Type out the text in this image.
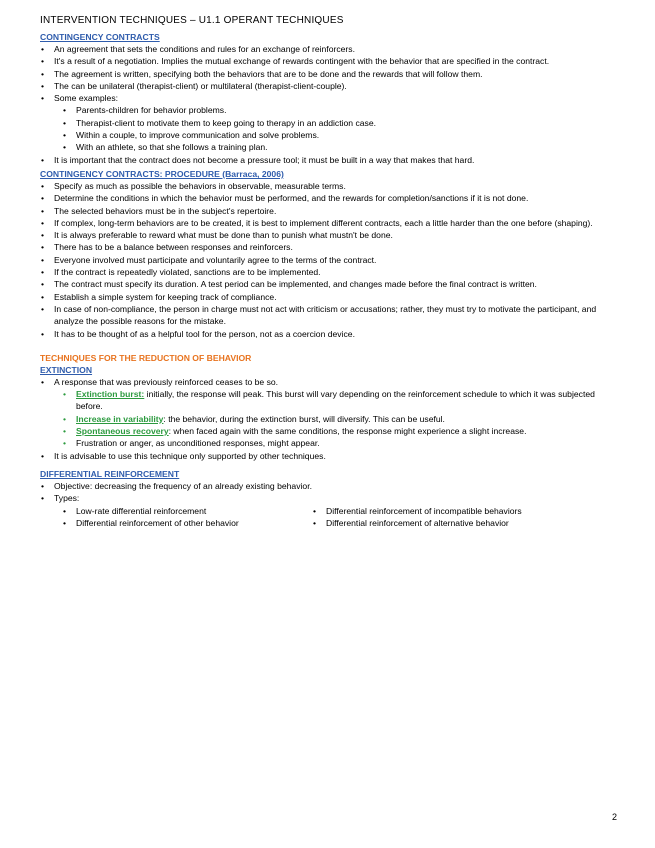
INTERVENTION TECHNIQUES – U1.1 OPERANT TECHNIQUES
CONTINGENCY CONTRACTS
• An agreement that sets the conditions and rules for an exchange of reinforcers.
• It's a result of a negotiation. Implies the mutual exchange of rewards contingent with the behavior that are specified in the contract.
• The agreement is written, specifying both the behaviors that are to be done and the rewards that will follow them.
• The can be unilateral (therapist-client) or multilateral (therapist-client-couple).
• Some examples:
• Parents-children for behavior problems.
• Therapist-client to motivate them to keep going to therapy in an addiction case.
• Within a couple, to improve communication and solve problems.
• With an athlete, so that she follows a training plan.
• It is important that the contract does not become a pressure tool; it must be built in a way that makes that hard.
CONTINGENCY CONTRACTS: PROCEDURE (Barraca, 2006)
• Specify as much as possible the behaviors in observable, measurable terms.
• Determine the conditions in which the behavior must be performed, and the rewards for completion/sanctions if it is not done.
• The selected behaviors must be in the subject's repertoire.
• If complex, long-term behaviors are to be created, it is best to implement different contracts, each a little harder than the one before (shaping).
• It is always preferable to reward what must be done than to punish what mustn't be done.
• There has to be a balance between responses and reinforcers.
• Everyone involved must participate and voluntarily agree to the terms of the contract.
• If the contract is repeatedly violated, sanctions are to be implemented.
• The contract must specify its duration. A test period can be implemented, and changes made before the final contract is written.
• Establish a simple system for keeping track of compliance.
• In case of non-compliance, the person in charge must not act with criticism or accusations; rather, they must try to motivate the participant, and analyze the possible reasons for the mistake.
• It has to be thought of as a helpful tool for the person, not as a coercion device.
TECHNIQUES FOR THE REDUCTION OF BEHAVIOR
EXTINCTION
• A response that was previously reinforced ceases to be so.
• Extinction burst: initially, the response will peak. This burst will vary depending on the reinforcement schedule to which it was subjected before.
• Increase in variability: the behavior, during the extinction burst, will diversify. This can be useful.
• Spontaneous recovery: when faced again with the same conditions, the response might experience a slight increase.
• Frustration or anger, as unconditioned responses, might appear.
• It is advisable to use this technique only supported by other techniques.
DIFFERENTIAL REINFORCEMENT
• Objective: decreasing the frequency of an already existing behavior.
• Types:
• Low-rate differential reinforcement
• Differential reinforcement of other behavior
• Differential reinforcement of incompatible behaviors
• Differential reinforcement of alternative behavior
2
